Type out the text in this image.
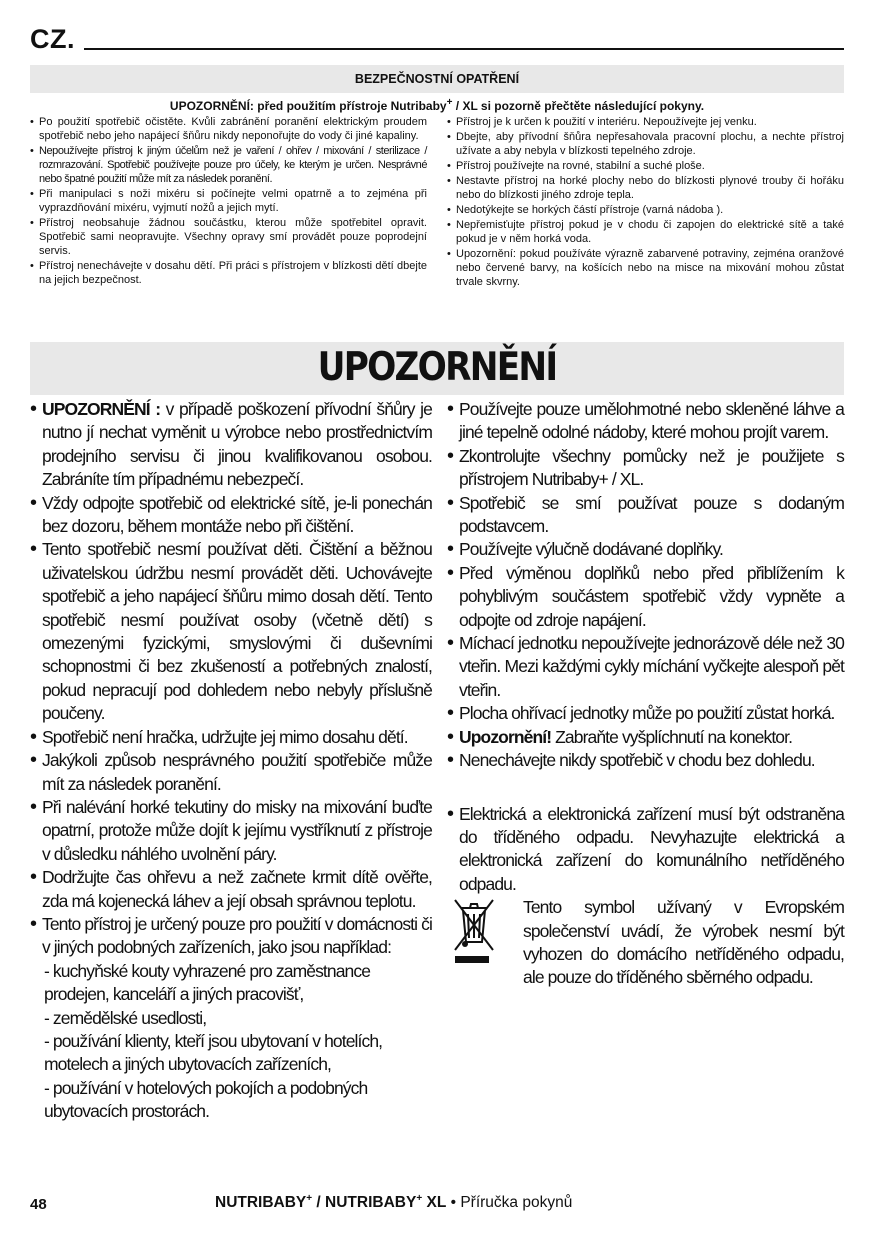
CZ.
BEZPEČNOSTNÍ OPATŘENÍ
UPOZORNĚNÍ: před použitím přístroje Nutribaby+ / XL si pozorně přečtěte následující pokyny.
• Po použití spotřebič očistěte. Kvůli zabránění poranění elektrickým proudem spotřebič nebo jeho napájecí šňůru nikdy neponořujte do vody či jiné kapaliny.
• Nepoužívejte přístroj k jiným účelům než je vaření / ohřev / mixování / sterilizace / rozmrazování. Spotřebič používejte pouze pro účely, ke kterým je určen. Nesprávné nebo špatné použití může mít za následek poranění.
• Při manipulaci s noži mixéru si počínejte velmi opatrně a to zejména při vyprazdňování mixéru, vyjmutí nožů a jejich mytí.
• Přístroj neobsahuje žádnou součástku, kterou může spotřebitel opravit. Spotřebič sami neopravujte. Všechny opravy smí provádět pouze poprodejní servis.
• Přístroj nenechávejte v dosahu dětí. Při práci s přístrojem v blízkosti dětí dbejte na jejich bezpečnost.
• Přístroj je k určen k použití v interiéru. Nepoužívejte jej venku.
• Dbejte, aby přívodní šňůra nepřesahovala pracovní plochu, a nechte přístroj užívate a aby nebyla v blízkosti tepelného zdroje.
• Přístroj používejte na rovné, stabilní a suché ploše.
• Nestavte přístroj na horké plochy nebo do blízkosti plynové trouby či hořáku nebo do blízkosti jiného zdroje tepla.
• Nedotýkejte se horkých částí přístroje (varná nádoba ).
• Nepřemisťujte přístroj pokud je v chodu či zapojen do elektrické sítě a také pokud je v něm horká voda.
• Upozornění: pokud používáte výrazně zabarvené potraviny, zejména oranžové nebo červené barvy, na košících nebo na misce na mixování mohou zůstat trvale skvrny.
UPOZORNĚNÍ
• UPOZORNĚNÍ : v případě poškození přívodní šňůry je nutno jí nechat vyměnit u výrobce nebo prostřednictvím prodejního servisu či jinou kvalifikovanou osobou. Zabráníte tím případnému nebezpečí.
• Vždy odpojte spotřebič od elektrické sítě, je-li ponechán bez dozoru, během montáže nebo při čištění.
• Tento spotřebič nesmí používat děti. Čištění a běžnou uživatelskou údržbu nesmí provádět děti. Uchovávejte spotřebič a jeho napájecí šňůru mimo dosah dětí. Tento spotřebič nesmí používat osoby (včetně dětí) s omezenými fyzickými, smyslovými či duševními schopnostmi či bez zkušeností a potřebných znalostí, pokud nepracují pod dohledem nebo nebyly příslušně poučeny.
• Spotřebič není hračka, udržujte jej mimo dosahu dětí.
• Jakýkoli způsob nesprávného použití spotřebiče může mít za následek poranění.
• Při nalévání horké tekutiny do misky na mixování buďte opatrní, protože může dojít k jejímu vystříknutí z přístroje v důsledku náhlého uvolnění páry.
• Dodržujte čas ohřevu a než začnete krmit dítě ověřte, zda má kojenecká láhev a její obsah správnou teplotu.
• Tento přístroj je určený pouze pro použití v domácnosti či v jiných podobných zařízeních, jako jsou například:

- kuchyňské kouty vyhrazené pro zaměstnance prodejen, kanceláří a jiných pracovišť,

- zemědělské usedlosti,

- používání klienty, kteří jsou ubytovaní v hotelích, motelech a jiných ubytovacích zařízeních,

- používání v hotelových pokojích a podobných ubytovacích prostorách.

• Používejte pouze umělohmotné nebo skleněné láhve a jiné tepelně odolné nádoby, které mohou projít varem.
• Zkontrolujte všechny pomůcky než je použijete s přístrojem Nutribaby+ / XL.
• Spotřebič se smí používat pouze s dodaným podstavcem.
• Používejte výlučně dodávané doplňky.
• Před výměnou doplňků nebo před přiblížením k pohyblivým součástem spotřebič vždy vypněte a odpojte od zdroje napájení.
• Míchací jednotku nepoužívejte jednorázově déle než 30 vteřin. Mezi každými cykly míchání vyčkejte alespoň pět vteřin.
• Plocha ohřívací jednotky může po použití zůstat horká.
• Upozornění! Zabraňte vyšplíchnutí na konektor.
• Nenechávejte nikdy spotřebič v chodu bez dohledu.
• Elektrická a elektronická zařízení musí být odstraněna do tříděného odpadu. Nevyhazujte elektrická a elektronická zařízení do komunálního netříděného odpadu.
Tento symbol užívaný v Evropském společenství uvádí, že výrobek nesmí být vyhozen do domácího netříděného odpadu, ale pouze do tříděného sběrného odpadu.
48	NUTRIBABY+ / NUTRIBABY+ XL • Příručka pokynů
